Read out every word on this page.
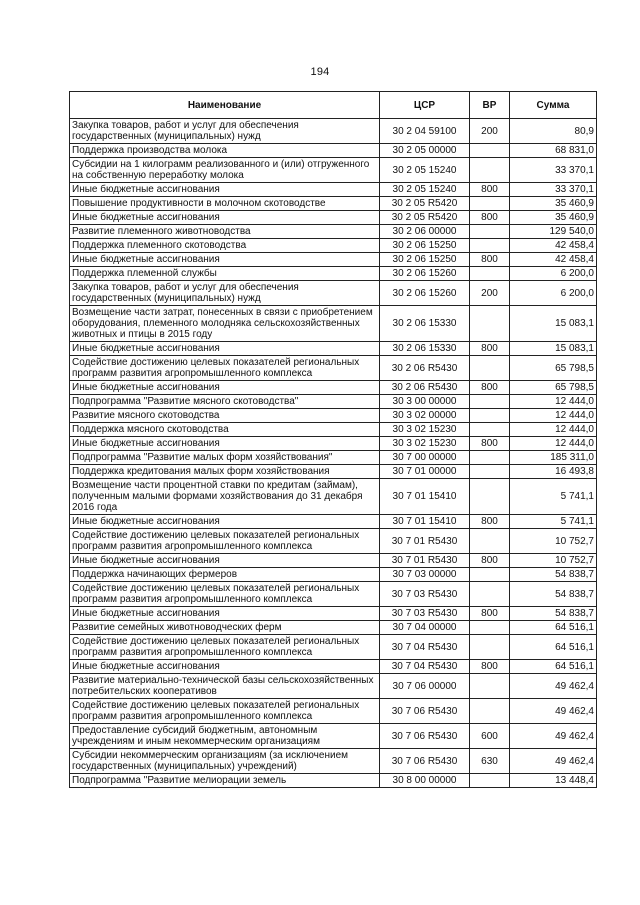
194
Наименование	ЦСР	ВР	Сумма
Закупка товаров, работ и услуг для обеспечения государственных (муниципальных) нужд	30 2 04 59100	200	80,9
Поддержка производства молока	30 2 05 00000		68 831,0
Субсидии на 1 килограмм реализованного и (или) отгруженного на собственную переработку молока	30 2 05 15240		33 370,1
Иные бюджетные ассигнования	30 2 05 15240	800	33 370,1
Повышение продуктивности в молочном скотоводстве	30 2 05 R5420		35 460,9
Иные бюджетные ассигнования	30 2 05 R5420	800	35 460,9
Развитие племенного животноводства	30 2 06 00000		129 540,0
Поддержка племенного скотоводства	30 2 06 15250		42 458,4
Иные бюджетные ассигнования	30 2 06 15250	800	42 458,4
Поддержка племенной службы	30 2 06 15260		6 200,0
Закупка товаров, работ и услуг для обеспечения государственных (муниципальных) нужд	30 2 06 15260	200	6 200,0
Возмещение части затрат, понесенных в связи с приобретением оборудования, племенного молодняка сельскохозяйственных животных и птицы в 2015 году	30 2 06 15330		15 083,1
Иные бюджетные ассигнования	30 2 06 15330	800	15 083,1
Содействие достижению целевых показателей региональных программ развития агропромышленного комплекса	30 2 06 R5430		65 798,5
Иные бюджетные ассигнования	30 2 06 R5430	800	65 798,5
Подпрограмма "Развитие мясного скотоводства"	30 3 00 00000		12 444,0
Развитие мясного скотоводства	30 3 02 00000		12 444,0
Поддержка мясного скотоводства	30 3 02 15230		12 444,0
Иные бюджетные ассигнования	30 3 02 15230	800	12 444,0
Подпрограмма "Развитие малых форм хозяйствования"	30 7 00 00000		185 311,0
Поддержка кредитования малых форм хозяйствования	30 7 01 00000		16 493,8
Возмещение части процентной ставки по кредитам (займам), полученным малыми формами хозяйствования до 31 декабря 2016 года	30 7 01 15410		5 741,1
Иные бюджетные ассигнования	30 7 01 15410	800	5 741,1
Содействие достижению целевых показателей региональных программ развития агропромышленного комплекса	30 7 01 R5430		10 752,7
Иные бюджетные ассигнования	30 7 01 R5430	800	10 752,7
Поддержка начинающих фермеров	30 7 03 00000		54 838,7
Содействие достижению целевых показателей региональных программ развития агропромышленного комплекса	30 7 03 R5430		54 838,7
Иные бюджетные ассигнования	30 7 03 R5430	800	54 838,7
Развитие семейных животноводческих ферм	30 7 04 00000		64 516,1
Содействие достижению целевых показателей региональных программ развития агропромышленного комплекса	30 7 04 R5430		64 516,1
Иные бюджетные ассигнования	30 7 04 R5430	800	64 516,1
Развитие материально-технической базы сельскохозяйственных потребительских кооперативов	30 7 06 00000		49 462,4
Содействие достижению целевых показателей региональных программ развития агропромышленного комплекса	30 7 06 R5430		49 462,4
Предоставление субсидий бюджетным, автономным учреждениям и иным некоммерческим организациям	30 7 06 R5430	600	49 462,4
Субсидии некоммерческим организациям (за исключением государственных (муниципальных) учреждений)	30 7 06 R5430	630	49 462,4
Подпрограмма "Развитие мелиорации земель	30 8 00 00000		13 448,4
